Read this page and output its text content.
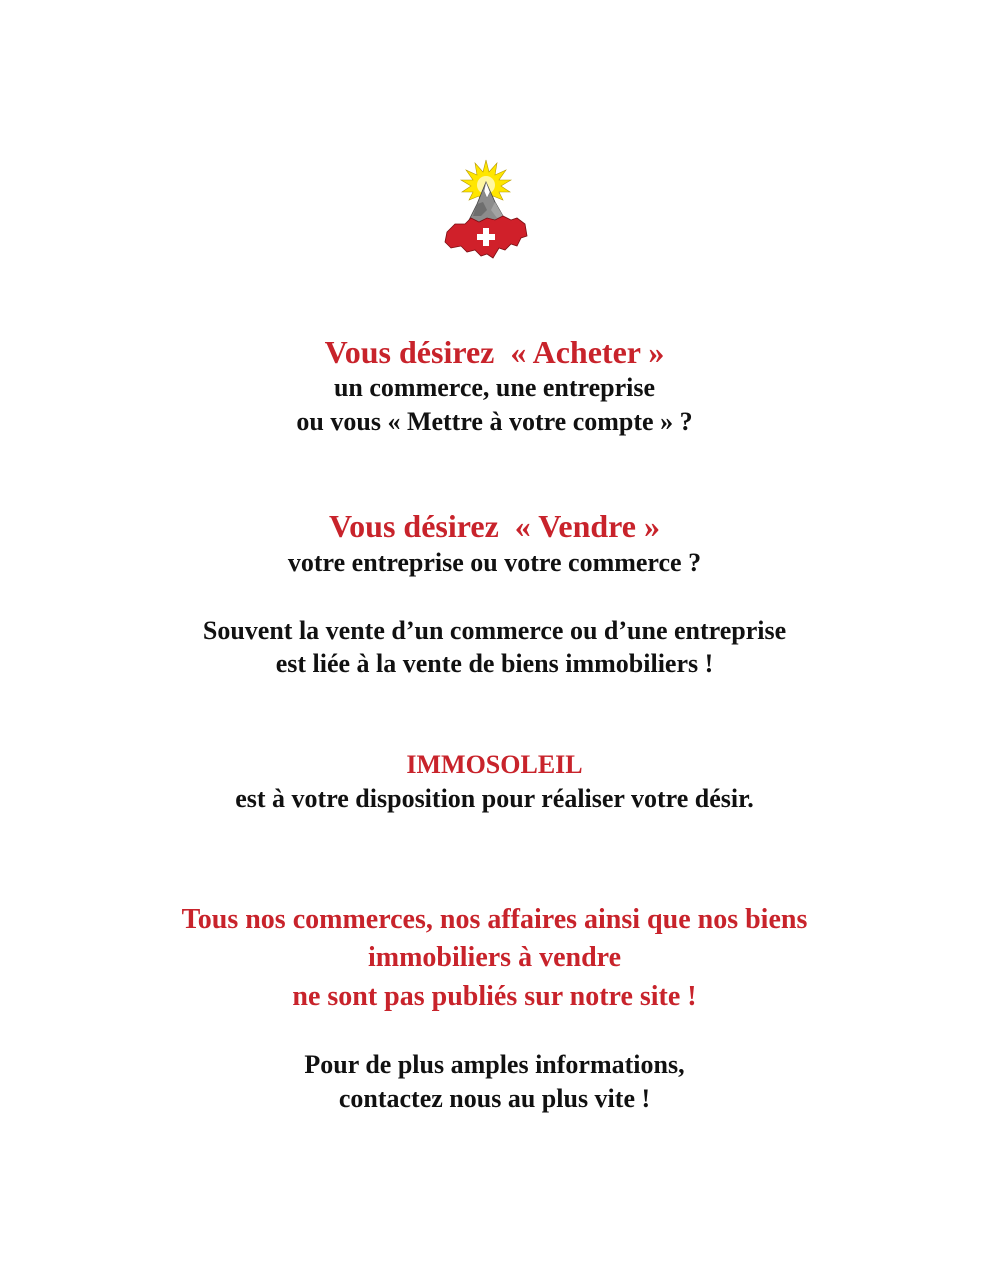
Vous désirez  « Acheter »
un commerce, une entreprise
ou vous « Mettre à votre compte » ?
Vous désirez  « Vendre »
votre entreprise ou votre commerce ?
Souvent la vente d’un commerce ou d’une entreprise
est liée à la vente de biens immobiliers !
IMMOSOLEIL
est à votre disposition pour réaliser votre désir.
Tous nos commerces, nos affaires ainsi que nos biens
immobiliers à vendre
ne sont pas publiés sur notre site !
Pour de plus amples informations,
contactez nous au plus vite !
